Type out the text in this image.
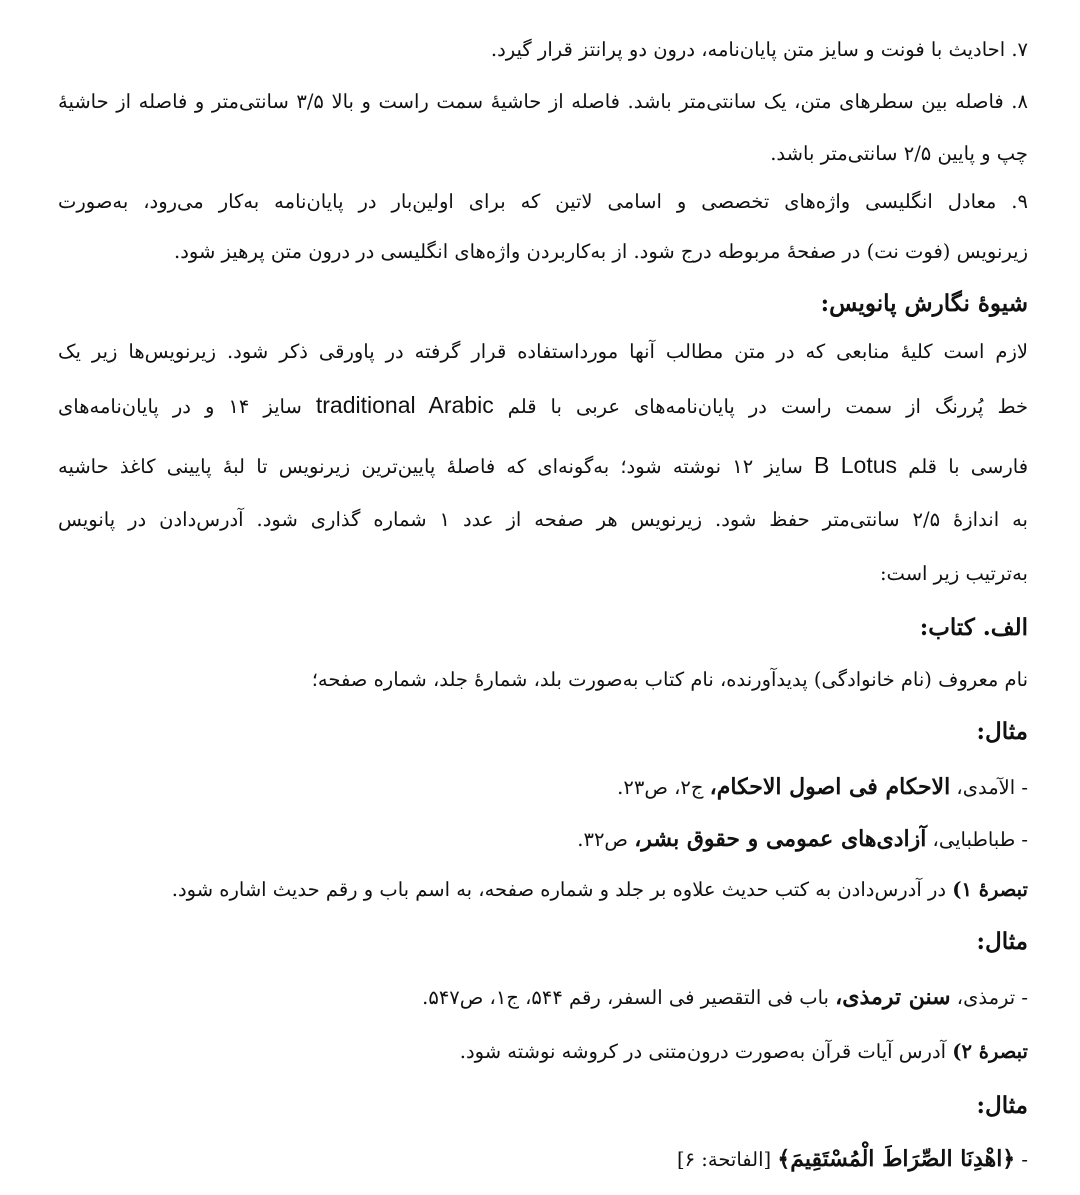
۷. احادیث با فونت و سایز متن پایان‌نامه، درون دو پرانتز قرار گیرد.
۸. فاصله بین سطرهای متن، یک سانتی‌متر باشد. فاصله از حاشیهٔ سمت راست و بالا ۳/۵ سانتی‌متر و فاصله از حاشیهٔ
چپ و پایین ۲/۵ سانتی‌متر باشد.
۹. معادل انگلیسی واژه‌های تخصصی و اسامی لاتین که برای اولین‌بار در پایان‌نامه به‌کار می‌رود، به‌صورت
زیرنویس (فوت نت) در صفحهٔ مربوطه درج شود. از به‌کاربردن واژه‌های انگلیسی در درون متن پرهیز شود.
شیوهٔ نگارش پانویس:
لازم است کلیهٔ منابعی که در متن مطالب آنها مورداستفاده قرار گرفته در پاورقی ذکر شود. زیرنویس‌ها زیر یک
خط پُررنگ از سمت راست در پایان‌نامه‌های عربی با قلم traditional Arabic سایز ۱۴ و در پایان‌نامه‌های
فارسی با قلم B Lotus سایز ۱۲ نوشته شود؛ به‌گونه‌ای که فاصلهٔ پایین‌ترین زیرنویس تا لبهٔ پایینی کاغذ حاشیه
به اندازهٔ ۲/۵ سانتی‌متر حفظ شود. زیرنویس هر صفحه از عدد ۱ شماره گذاری شود. آدرس‌دادن در پانویس
به‌ترتیب زیر است:
الف. کتاب:
نام معروف (نام خانوادگی) پدیدآورنده، نام کتاب به‌صورت بلد، شمارهٔ جلد، شماره صفحه؛
مثال:
- الآمدی، الاحکام فی اصول الاحکام، ج۲، ص۲۳.
- طباطبایی، آزادی‌های عمومی و حقوق بشر، ص۳۲.
تبصرهٔ ۱) در آدرس‌دادن به کتب حدیث علاوه بر جلد و شماره صفحه، به اسم باب و رقم حدیث اشاره شود.
مثال:
- ترمذی، سنن ترمذی، باب فی التقصیر فی السفر، رقم ۵۴۴، ج۱، ص۵۴۷.
تبصرهٔ ۲) آدرس آیات قرآن به‌صورت درون‌متنی در کروشه نوشته شود.
مثال:
- ﴿اهْدِنَا الصِّرَاطَ الْمُسْتَقِيمَ﴾ [الفاتحة: ۶]
